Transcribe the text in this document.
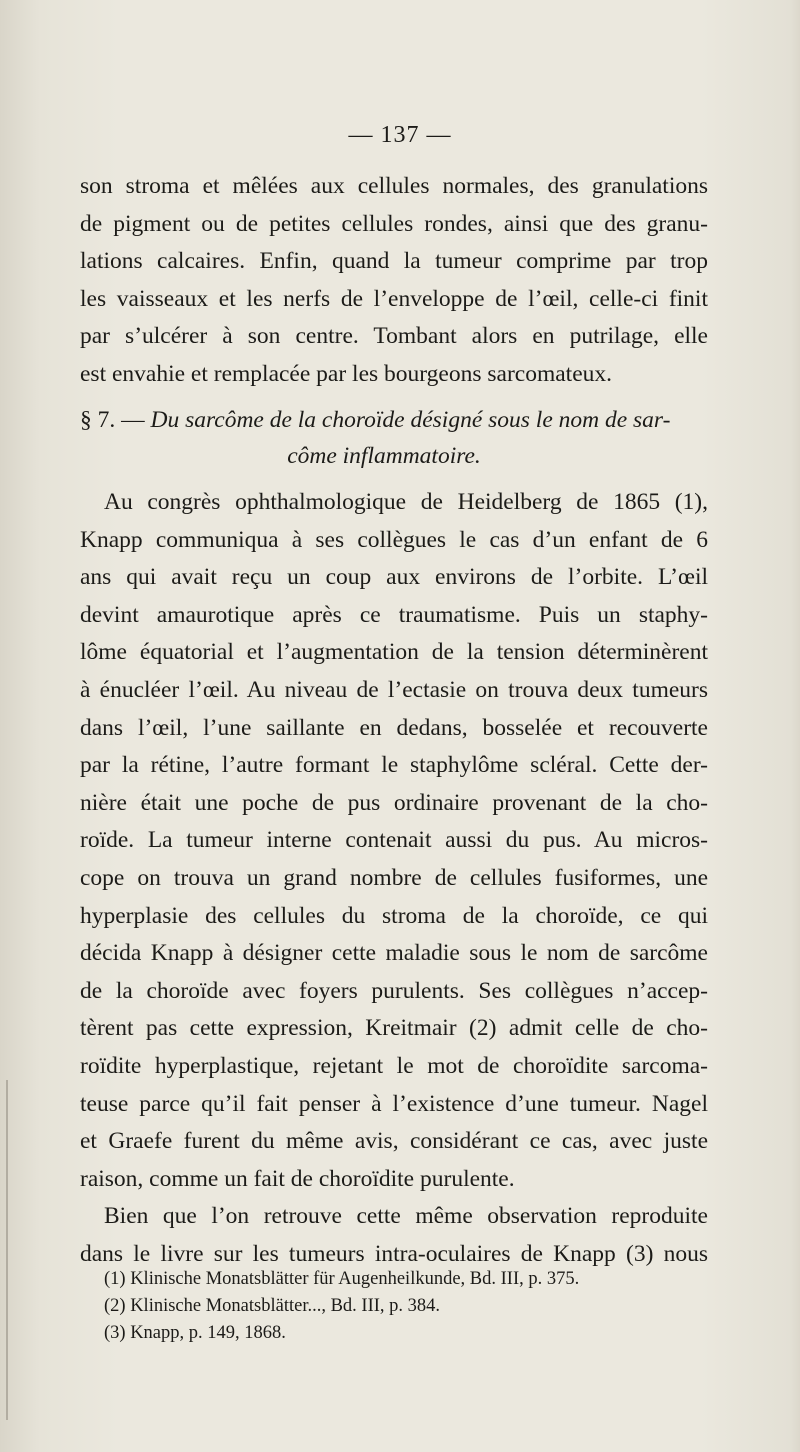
— 137 —
son stroma et mêlées aux cellules normales, des granulations
de pigment ou de petites cellules rondes, ainsi que des granu-
lations calcaires. Enfin, quand la tumeur comprime par trop
les vaisseaux et les nerfs de l’enveloppe de l’œil, celle-ci finit
par s’ulcérer à son centre. Tombant alors en putrilage, elle
est envahie et remplacée par les bourgeons sarcomateux.
§ 7. — Du sarcôme de la choroïde désigné sous le nom de sar-
côme inflammatoire.
Au congrès ophthalmologique de Heidelberg de 1865 (1),
Knapp communiqua à ses collègues le cas d’un enfant de 6
ans qui avait reçu un coup aux environs de l’orbite. L’œil
devint amaurotique après ce traumatisme. Puis un staphy-
lôme équatorial et l’augmentation de la tension déterminèrent
à énucléer l’œil. Au niveau de l’ectasie on trouva deux tumeurs
dans l’œil, l’une saillante en dedans, bosselée et recouverte
par la rétine, l’autre formant le staphylôme scléral. Cette der-
nière était une poche de pus ordinaire provenant de la cho-
roïde. La tumeur interne contenait aussi du pus. Au micros-
cope on trouva un grand nombre de cellules fusiformes, une
hyperplasie des cellules du stroma de la choroïde, ce qui
décida Knapp à désigner cette maladie sous le nom de sarcôme
de la choroïde avec foyers purulents. Ses collègues n’accep-
tèrent pas cette expression, Kreitmair (2) admit celle de cho-
roïdite hyperplastique, rejetant le mot de choroïdite sarcoma-
teuse parce qu’il fait penser à l’existence d’une tumeur. Nagel
et Graefe furent du même avis, considérant ce cas, avec juste
raison, comme un fait de choroïdite purulente.
Bien que l’on retrouve cette même observation reproduite
dans le livre sur les tumeurs intra-oculaires de Knapp (3) nous
(1) Klinische Monatsblätter für Augenheilkunde, Bd. III, p. 375.
(2) Klinische Monatsblätter..., Bd. III, p. 384.
(3) Knapp, p. 149, 1868.
